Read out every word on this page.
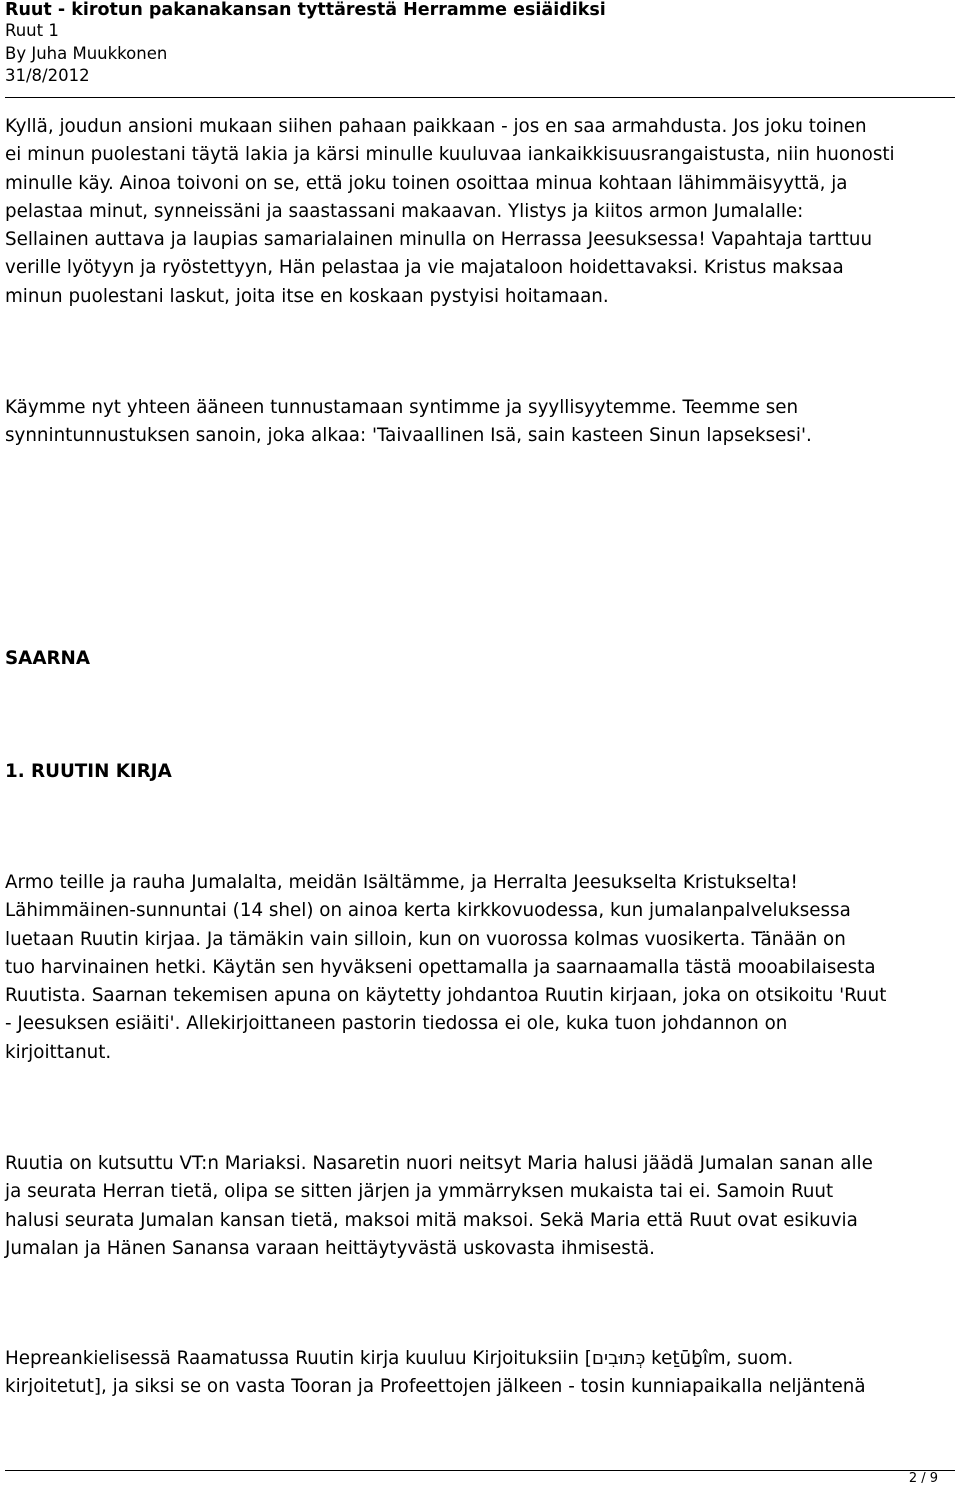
Ruut - kirotun pakanakansan tyttärestä Herramme esiäidiksi
Ruut 1
By Juha Muukkonen
31/8/2012

Kyllä, joudun ansioni mukaan siihen pahaan paikkaan - jos en saa armahdusta. Jos joku toinen

ei minun puolestani täytä lakia ja kärsi minulle kuuluvaa iankaikkisuusrangaistusta, niin huonosti

minulle käy. Ainoa toivoni on se, että joku toinen osoittaa minua kohtaan lähimmäisyyttä, ja

pelastaa minut, synneissäni ja saastassani makaavan. Ylistys ja kiitos armon Jumalalle:

Sellainen auttava ja laupias samarialainen minulla on Herrassa Jeesuksessa! Vapahtaja tarttuu

verille lyötyyn ja ryöstettyyn, Hän pelastaa ja vie majataloon hoidettavaksi. Kristus maksaa

minun puolestani laskut, joita itse en koskaan pystyisi hoitamaan.

Käymme nyt yhteen ääneen tunnustamaan syntimme ja syyllisyytemme. Teemme sen

synnintunnustuksen sanoin, joka alkaa: 'Taivaallinen Isä, sain kasteen Sinun lapseksesi'.

SAARNA
1. RUUTIN KIRJA

Armo teille ja rauha Jumalalta, meidän Isältämme, ja Herralta Jeesukselta Kristukselta!

Lähimmäinen-sunnuntai (14 shel) on ainoa kerta kirkkovuodessa, kun jumalanpalveluksessa

luetaan Ruutin kirjaa. Ja tämäkin vain silloin, kun on vuorossa kolmas vuosikerta. Tänään on

tuo harvinainen hetki. Käytän sen hyväkseni opettamalla ja saarnaamalla tästä mooabilaisesta

Ruutista. Saarnan tekemisen apuna on käytetty johdantoa Ruutin kirjaan, joka on otsikoitu 'Ruut

- Jeesuksen esiäiti'. Allekirjoittaneen pastorin tiedossa ei ole, kuka tuon johdannon on

kirjoittanut.

Ruutia on kutsuttu VT:n Mariaksi. Nasaretin nuori neitsyt Maria halusi jäädä Jumalan sanan alle

ja seurata Herran tietä, olipa se sitten järjen ja ymmärryksen mukaista tai ei. Samoin Ruut

halusi seurata Jumalan kansan tietä, maksoi mitä maksoi. Sekä Maria että Ruut ovat esikuvia

Jumalan ja Hänen Sanansa varaan heittäytyvästä uskovasta ihmisestä.

Hepreankielisessä Raamatussa Ruutin kirja kuuluu Kirjoituksiin [כְּתוּבִים keṯūḇîm, suom.

kirjoitetut], ja siksi se on vasta Tooran ja Profeettojen jälkeen - tosin kunniapaikalla neljäntenä

2 / 9
